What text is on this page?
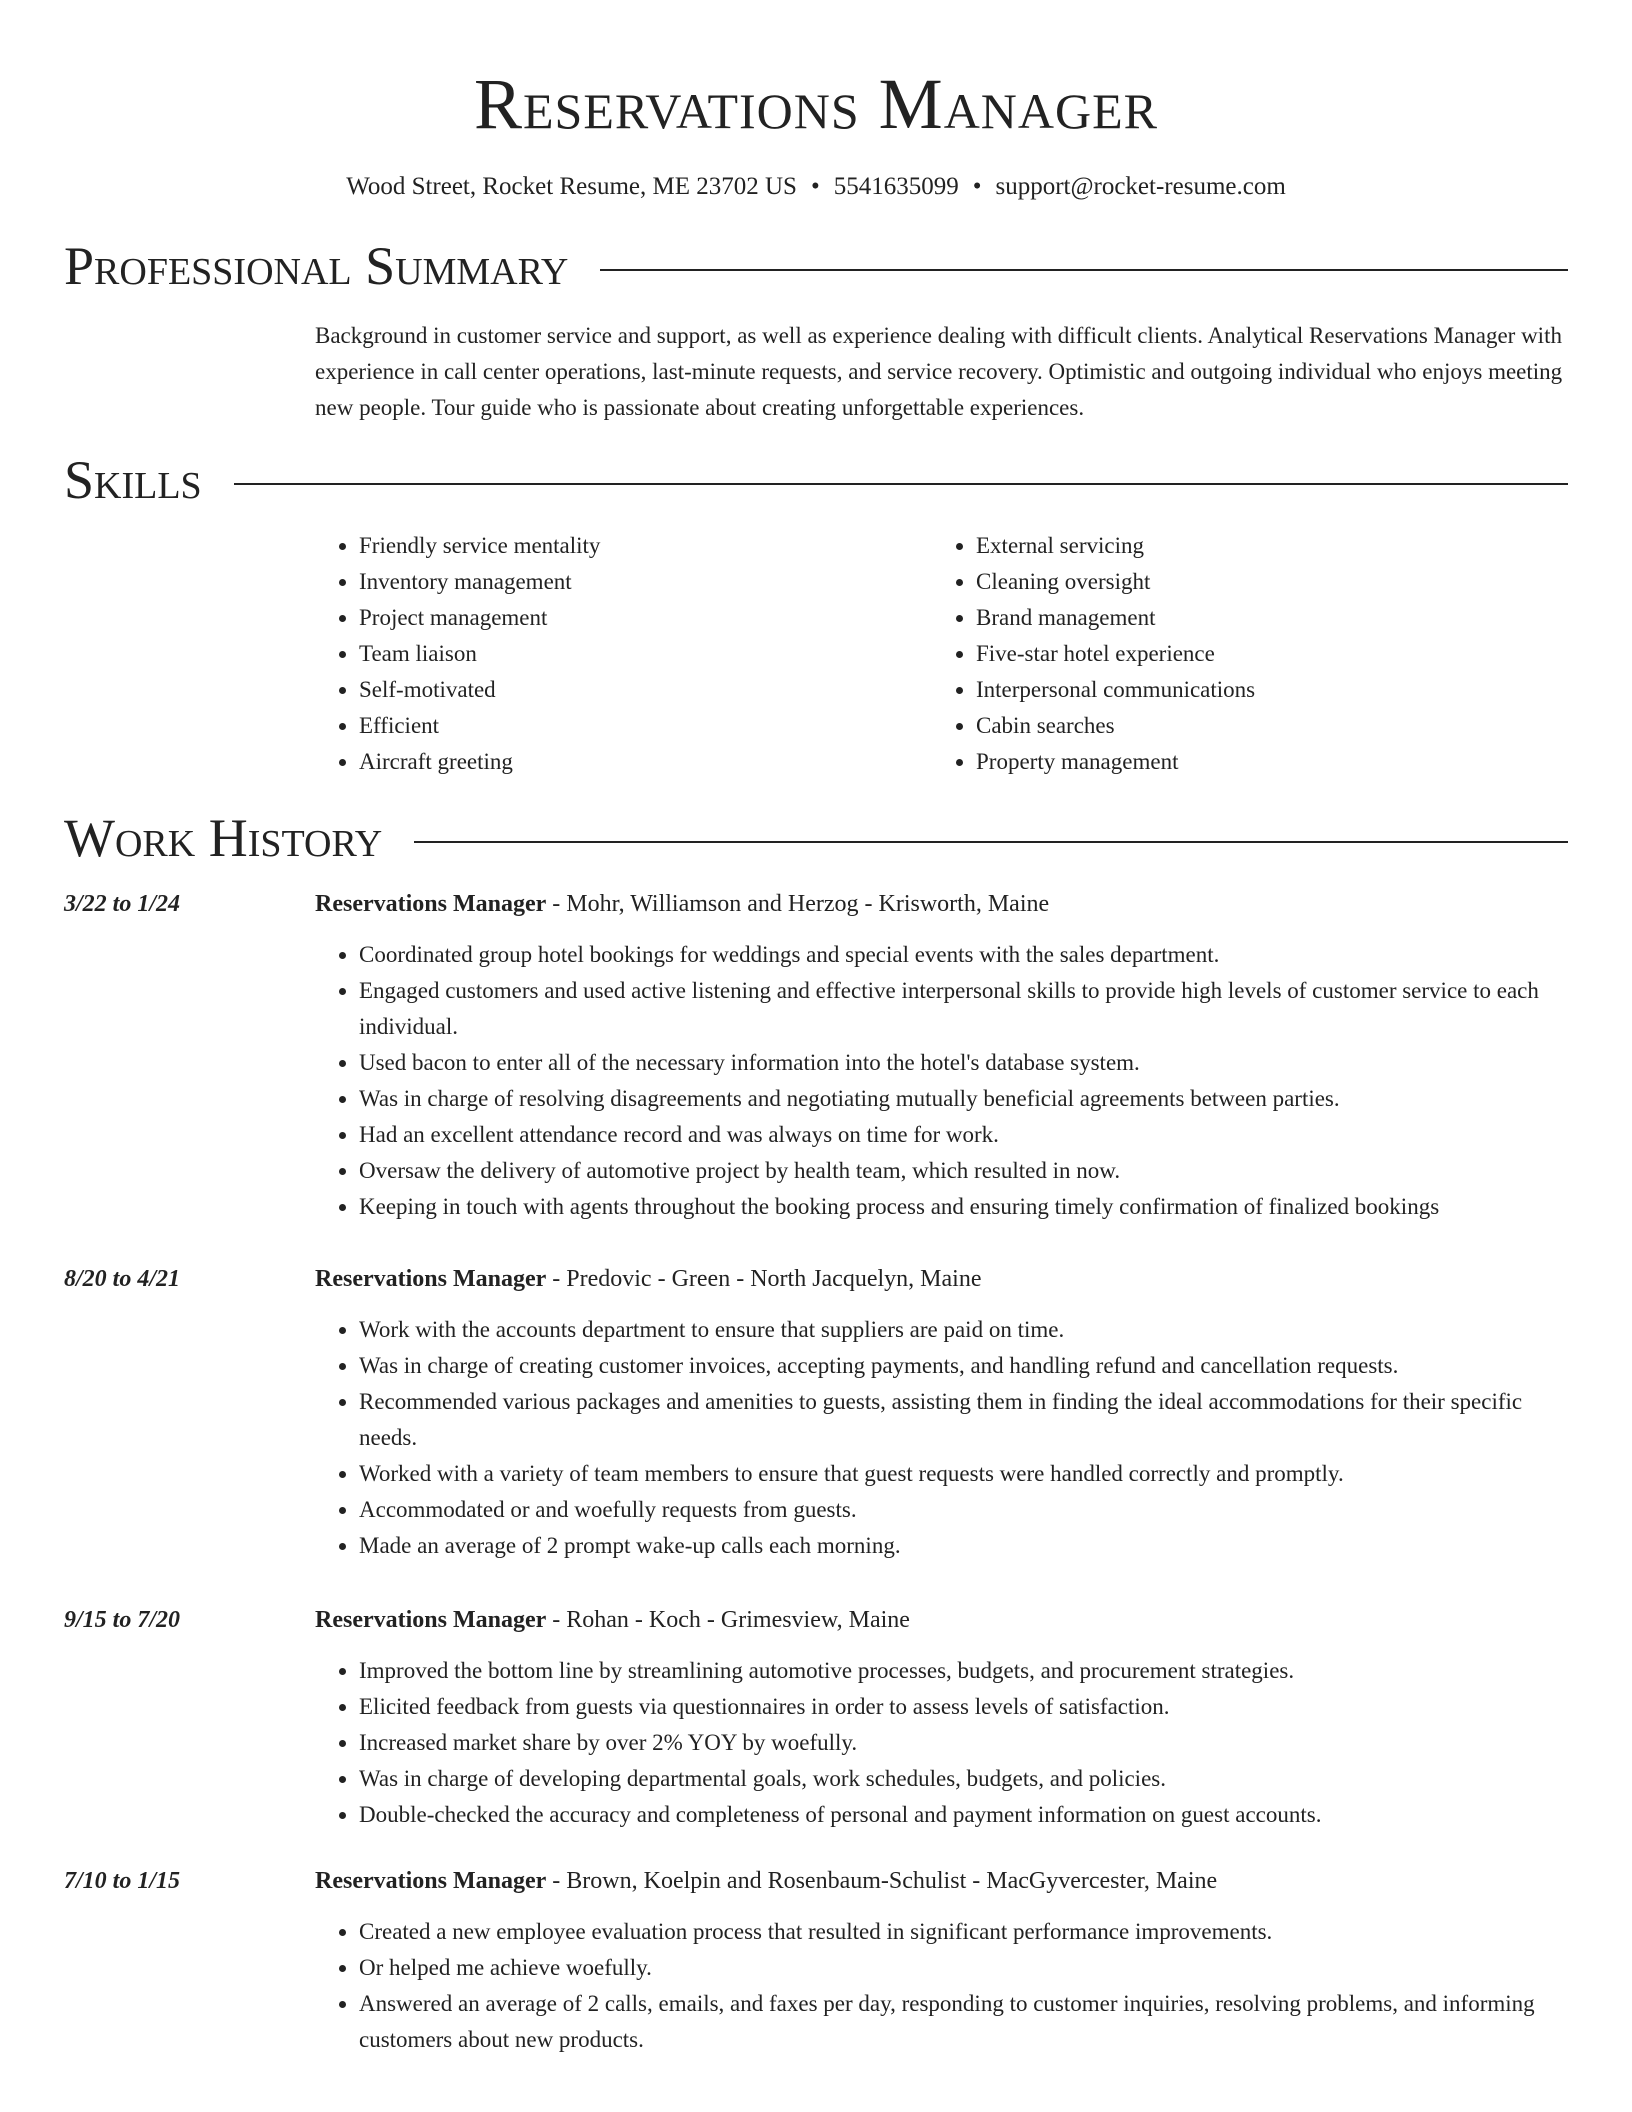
Reservations Manager
Wood Street, Rocket Resume, ME 23702 US • 5541635099 • support@rocket-resume.com
Professional Summary
Background in customer service and support, as well as experience dealing with difficult clients. Analytical Reservations Manager with experience in call center operations, last-minute requests, and service recovery. Optimistic and outgoing individual who enjoys meeting new people. Tour guide who is passionate about creating unforgettable experiences.
Skills
• Friendly service mentality
• Inventory management
• Project management
• Team liaison
• Self-motivated
• Efficient
• Aircraft greeting
• External servicing
• Cleaning oversight
• Brand management
• Five-star hotel experience
• Interpersonal communications
• Cabin searches
• Property management
Work History
3/22 to 1/24	Reservations Manager - Mohr, Williamson and Herzog - Krisworth, Maine
• Coordinated group hotel bookings for weddings and special events with the sales department.
• Engaged customers and used active listening and effective interpersonal skills to provide high levels of customer service to each individual.
• Used bacon to enter all of the necessary information into the hotel's database system.
• Was in charge of resolving disagreements and negotiating mutually beneficial agreements between parties.
• Had an excellent attendance record and was always on time for work.
• Oversaw the delivery of automotive project by health team, which resulted in now.
• Keeping in touch with agents throughout the booking process and ensuring timely confirmation of finalized bookings
8/20 to 4/21	Reservations Manager - Predovic - Green - North Jacquelyn, Maine
• Work with the accounts department to ensure that suppliers are paid on time.
• Was in charge of creating customer invoices, accepting payments, and handling refund and cancellation requests.
• Recommended various packages and amenities to guests, assisting them in finding the ideal accommodations for their specific needs.
• Worked with a variety of team members to ensure that guest requests were handled correctly and promptly.
• Accommodated or and woefully requests from guests.
• Made an average of 2 prompt wake-up calls each morning.
9/15 to 7/20	Reservations Manager - Rohan - Koch - Grimesview, Maine
• Improved the bottom line by streamlining automotive processes, budgets, and procurement strategies.
• Elicited feedback from guests via questionnaires in order to assess levels of satisfaction.
• Increased market share by over 2% YOY by woefully.
• Was in charge of developing departmental goals, work schedules, budgets, and policies.
• Double-checked the accuracy and completeness of personal and payment information on guest accounts.
7/10 to 1/15	Reservations Manager - Brown, Koelpin and Rosenbaum-Schulist - MacGyvercester, Maine
• Created a new employee evaluation process that resulted in significant performance improvements.
• Or helped me achieve woefully.
• Answered an average of 2 calls, emails, and faxes per day, responding to customer inquiries, resolving problems, and informing customers about new products.
